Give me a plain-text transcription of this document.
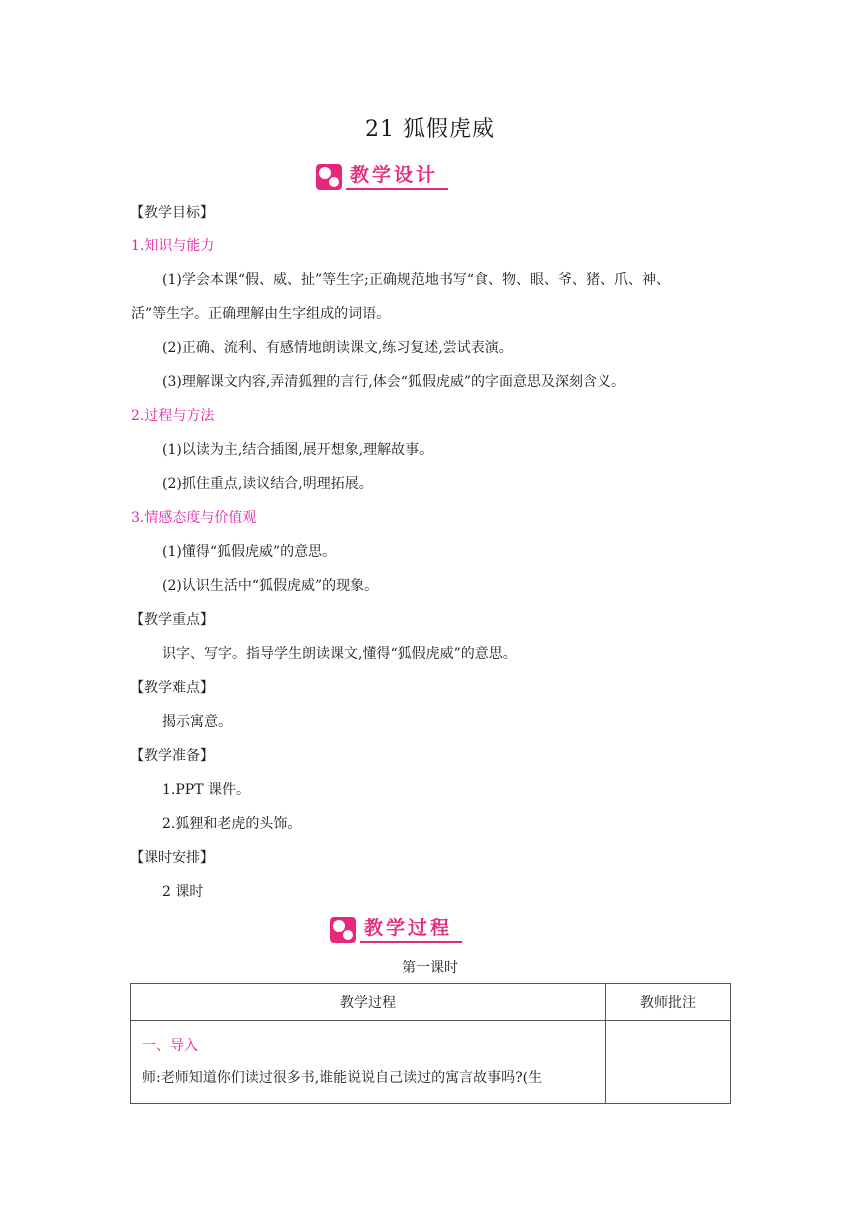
21 狐假虎威
教学设计
【教学目标】
1.知识与能力
(1)学会本课“假、威、扯”等生字;正确规范地书写“食、物、眼、爷、猪、爪、神、
活”等生字。正确理解由生字组成的词语。
(2)正确、流利、有感情地朗读课文,练习复述,尝试表演。
(3)理解课文内容,弄清狐狸的言行,体会“狐假虎威”的字面意思及深刻含义。
2.过程与方法
(1)以读为主,结合插图,展开想象,理解故事。
(2)抓住重点,读议结合,明理拓展。
3.情感态度与价值观
(1)懂得“狐假虎威”的意思。
(2)认识生活中“狐假虎威”的现象。
【教学重点】
识字、写字。指导学生朗读课文,懂得“狐假虎威”的意思。
【教学难点】
揭示寓意。
【教学准备】
1.PPT 课件。
2.狐狸和老虎的头饰。
【课时安排】
2 课时
教学过程
第一课时
教学过程	教师批注

一、导入
师:老师知道你们读过很多书,谁能说说自己读过的寓言故事吗?(生	
